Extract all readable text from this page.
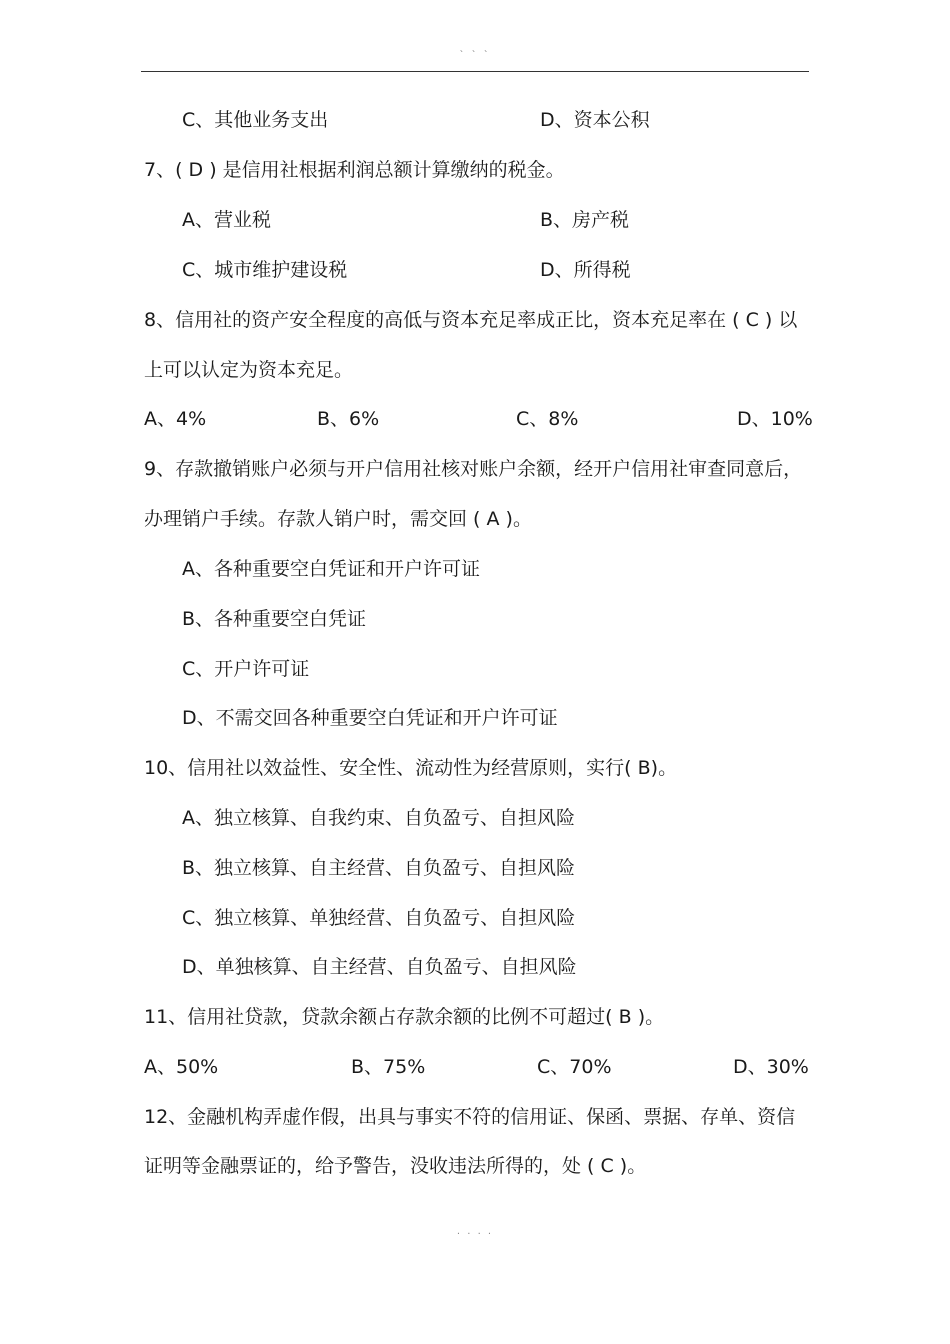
` ` `
C、其他业务支出	D、资本公积
7、( D ) 是信用社根据利润总额计算缴纳的税金。
A、营业税	B、房产税
C、城市维护建设税	D、所得税
8、信用社的资产安全程度的高低与资本充足率成正比，资本充足率在 ( C ) 以
上可以认定为资本充足。
A、4%	B、6%	C、8%	D、10%
9、存款撤销账户必须与开户信用社核对账户余额，经开户信用社审查同意后，
办理销户手续。存款人销户时，需交回 ( A )。
A、各种重要空白凭证和开户许可证
B、各种重要空白凭证
C、开户许可证
D、不需交回各种重要空白凭证和开户许可证
10、信用社以效益性、安全性、流动性为经营原则，实行( B)。
A、独立核算、自我约束、自负盈亏、自担风险
B、独立核算、自主经营、自负盈亏、自担风险
C、独立核算、单独经营、自负盈亏、自担风险
D、单独核算、自主经营、自负盈亏、自担风险
11、信用社贷款，贷款余额占存款余额的比例不可超过( B )。
A、50%	B、75%	C、70%	D、30%
12、金融机构弄虚作假，出具与事实不符的信用证、保函、票据、存单、资信
证明等金融票证的，给予警告，没收违法所得的，处 ( C )。
. . . .
